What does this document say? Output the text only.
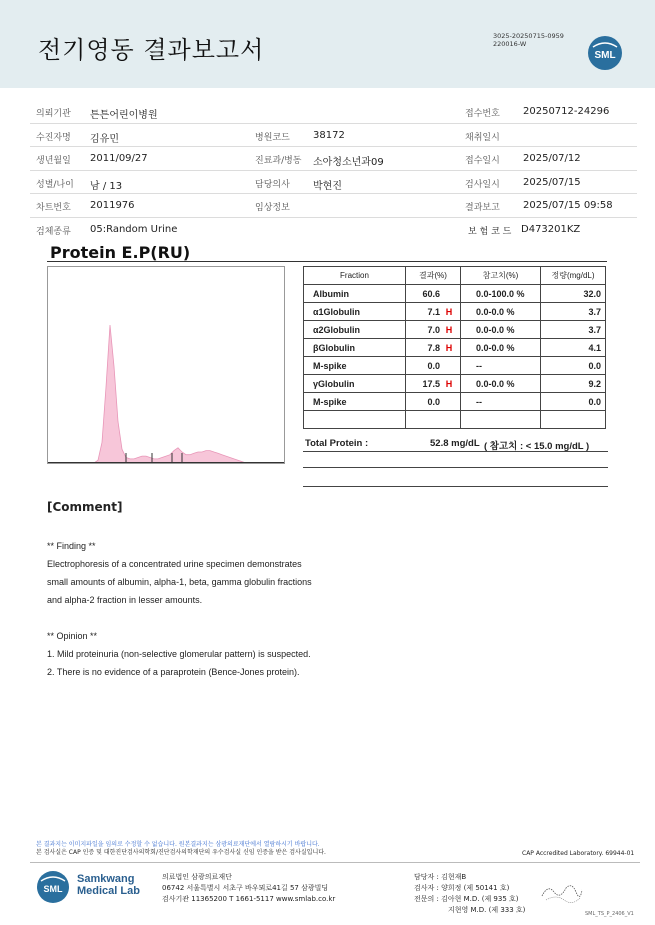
전기영동 결과보고서	3025-20250715-0959
220016-W
SML
의뢰기관 튼튼어린이병원	접수번호 20250712-24296
수진자명 김유민	병원코드 38172	채취일시
생년월일 2011/09/27	진료과/병동 소아청소년과09	접수일시 2025/07/12
성별/나이 남 / 13	담당의사 박현진	검사일시 2025/07/15
차트번호 2011976	임상정보	결과보고 2025/07/15 09:58
검체종류 05:Random Urine	보 험 코 드 D473201KZ
Protein E.P(RU)
Fraction	결과(%)	참고치(%)	정량(mg/dL)
Albumin	60.6	0.0-100.0 %	32.0
α1Globulin	7.1 H	0.0-0.0 %	3.7
α2Globulin	7.0 H	0.0-0.0 %	3.7
βGlobulin	7.8 H	0.0-0.0 %	4.1
M-spike	0.0	--	0.0
γGlobulin	17.5 H	0.0-0.0 %	9.2
M-spike	0.0	--	0.0

Total Protein :	52.8 mg/dL ( 참고치 : < 15.0 mg/dL )
[Comment]
** Finding **
Electrophoresis of a concentrated urine specimen demonstrates
small amounts of albumin, alpha-1, beta, gamma globulin fractions
and alpha-2 fraction in lesser amounts.
** Opinion **
1. Mild proteinuria (non-selective glomerular pattern) is suspected.
2. There is no evidence of a paraprotein (Bence-Jones protein).
본 결과지는 이미지파일을 임의로 수정할 수 없습니다. 원본결과지는 삼광의료재단에서 열람하시기 바랍니다.
본 검사실은 CAP 인증 및 대한진단검사의학회/진단검사의학재단의 우수검사실 신임 인증을 받은 검사실입니다.	CAP Accredited Laboratory. 69944-01
SML
Samkwang
Medical Lab
의료법인 삼광의료재단
06742 서울특별시 서초구 바우뫼로41길 57 삼광빌딩
검사기관 11365200 T 1661-5117 www.smlab.co.kr
담당자 : 김현재B
검사자 : 양희정 (제 50141 호)
전문의 : 김아현 M.D. (제 935 호)
지현영 M.D. (제 333 호)	SML_TS_P_2406_V1
